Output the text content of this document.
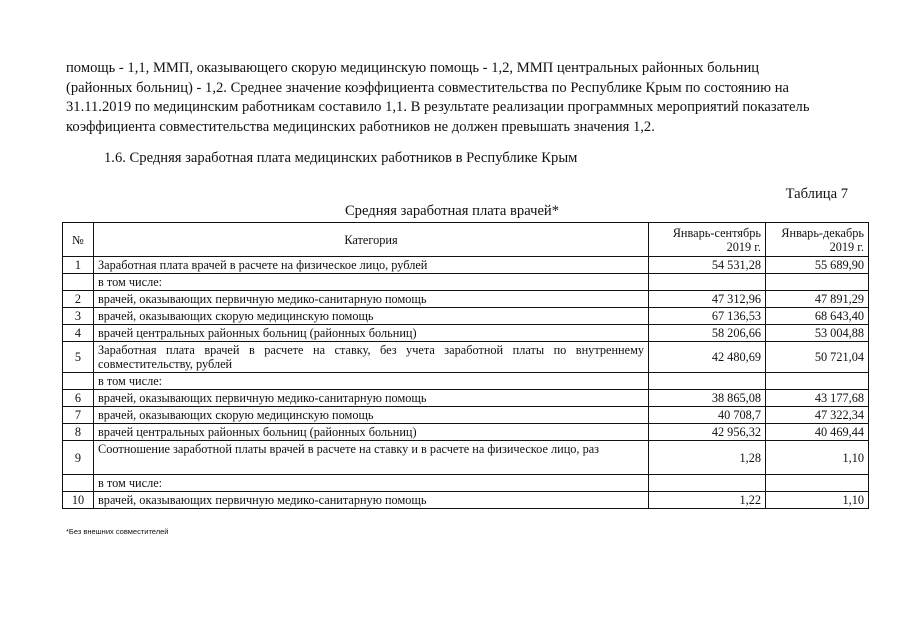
помощь - 1,1, ММП, оказывающего скорую медицинскую помощь - 1,2, ММП центральных районных больниц
(районных больниц) - 1,2. Среднее значение коэффициента совместительства по Республике Крым по состоянию на
31.11.2019 по медицинским работникам составило 1,1. В результате реализации программных мероприятий показатель
коэффициента совместительства медицинских работников не должен превышать значения 1,2.

1.6. Средняя заработная плата медицинских работников в Республике Крым

Таблица 7
Средняя заработная плата врачей*
№	Категория	Январь-сентябрь 2019 г.	Январь-декабрь 2019 г.
1	Заработная плата врачей в расчете на физическое лицо, рублей	54 531,28	55 689,90
	в том числе:		
2	врачей, оказывающих первичную медико-санитарную помощь	47 312,96	47 891,29
3	врачей, оказывающих скорую медицинскую помощь	67 136,53	68 643,40
4	врачей центральных районных больниц (районных больниц)	58 206,66	53 004,88
5	Заработная плата врачей в расчете на ставку, без учета заработной платы по внутреннему совместительству, рублей	42 480,69	50 721,04
	в том числе:		
6	врачей, оказывающих первичную медико-санитарную помощь	38 865,08	43 177,68
7	врачей, оказывающих скорую медицинскую помощь	40 708,7	47 322,34
8	врачей центральных районных больниц (районных больниц)	42 956,32	40 469,44
9	Соотношение заработной платы врачей в расчете на ставку и в расчете на физическое лицо, раз	1,28	1,10
	в том числе:		
10	врачей, оказывающих первичную медико-санитарную помощь	1,22	1,10
*Без внешних совместителей
